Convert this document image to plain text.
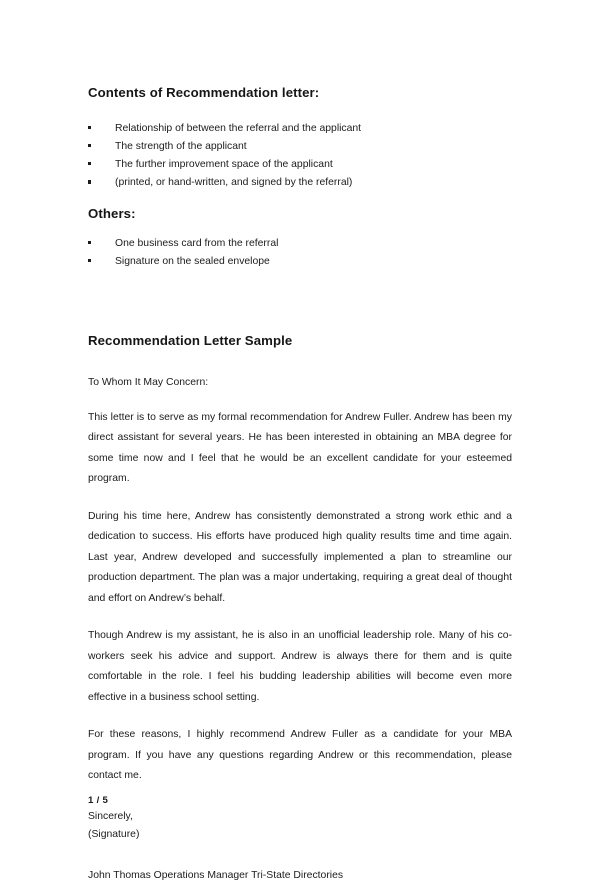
Contents of Recommendation letter:
Relationship of between the referral and the applicant
The strength of the applicant
The further improvement space of the applicant
(printed, or hand-written, and signed by the referral)
Others:
One business card from the referral
Signature on the sealed envelope
Recommendation Letter Sample

To Whom It May Concern:

This letter is to serve as my formal recommendation for Andrew Fuller. Andrew has been my direct assistant for several years. He has been interested in obtaining an MBA degree for some time now and I feel that he would be an excellent candidate for your esteemed program.

During his time here, Andrew has consistently demonstrated a strong work ethic and a dedication to success. His efforts have produced high quality results time and time again. Last year, Andrew developed and successfully implemented a plan to streamline our production department. The plan was a major undertaking, requiring a great deal of thought and effort on Andrew’s behalf.

Though Andrew is my assistant, he is also in an unofficial leadership role. Many of his co-workers seek his advice and support. Andrew is always there for them and is quite comfortable in the role. I feel his budding leadership abilities will become even more effective in a business school setting.

For these reasons, I highly recommend Andrew Fuller as a candidate for your MBA program. If you have any questions regarding Andrew or this recommendation, please contact me.

Sincerely,
(Signature)

John Thomas Operations Manager Tri-State Directories

1 / 5
